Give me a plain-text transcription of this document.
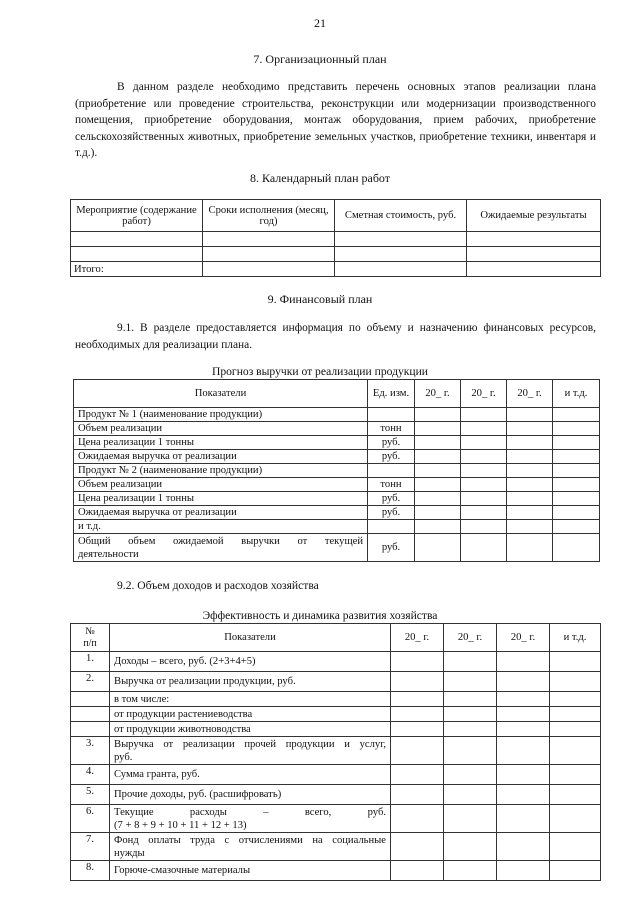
21
7. Организационный план
В данном разделе необходимо представить перечень основных этапов реализации плана (приобретение или проведение строительства, реконструкции или модернизации производственного помещения, приобретение оборудования, монтаж оборудования, прием рабочих, приобретение сельскохозяйственных животных, приобретение земельных участков, приобретение техники, инвентаря и т.д.).
8. Календарный план работ
Мероприятие (содержание работ)	Сроки исполнения (месяц, год)	Сметная стоимость, руб.	Ожидаемые результаты

Итого:			
9. Финансовый план
9.1. В разделе предоставляется информация по объему и назначению финансовых ресурсов, необходимых для реализации плана.
Прогноз выручки от реализации продукции
Показатели	Ед. изм.	20_ г.	20_ г.	20_ г.	и т.д.
Продукт № 1 (наименование продукции)					
Объем реализации	тонн				
Цена реализации 1 тонны	руб.				
Ожидаемая выручка от реализации	руб.				
Продукт № 2 (наименование продукции)					
Объем реализации	тонн				
Цена реализации 1 тонны	руб.				
Ожидаемая выручка от реализации	руб.				
и т.д.					

Общий объем ожидаемой выручки от текущей
деятельности	руб.				
9.2. Объем доходов и расходов хозяйства
Эффективность и динамика развития хозяйства
№
п/п	Показатели	20_ г.	20_ г.	20_ г.	и т.д.
1.	Доходы – всего, руб. (2+3+4+5)				
2.	Выручка от реализации продукции, руб.				
	в том числе:				
	от продукции растениеводства				
	от продукции животноводства				
3.	Выручка от реализации прочей продукции и услуг,
руб.				

4.	Сумма гранта, руб.				
5.	Прочие доходы, руб. (расшифровать)				
6.	Текущие расходы – всего, руб.
(7 + 8 + 9 + 10 + 11 + 12 + 13)				

7.	Фонд оплаты труда с отчислениями на социальные
нужды				

8.	Горюче-смазочные материалы				
